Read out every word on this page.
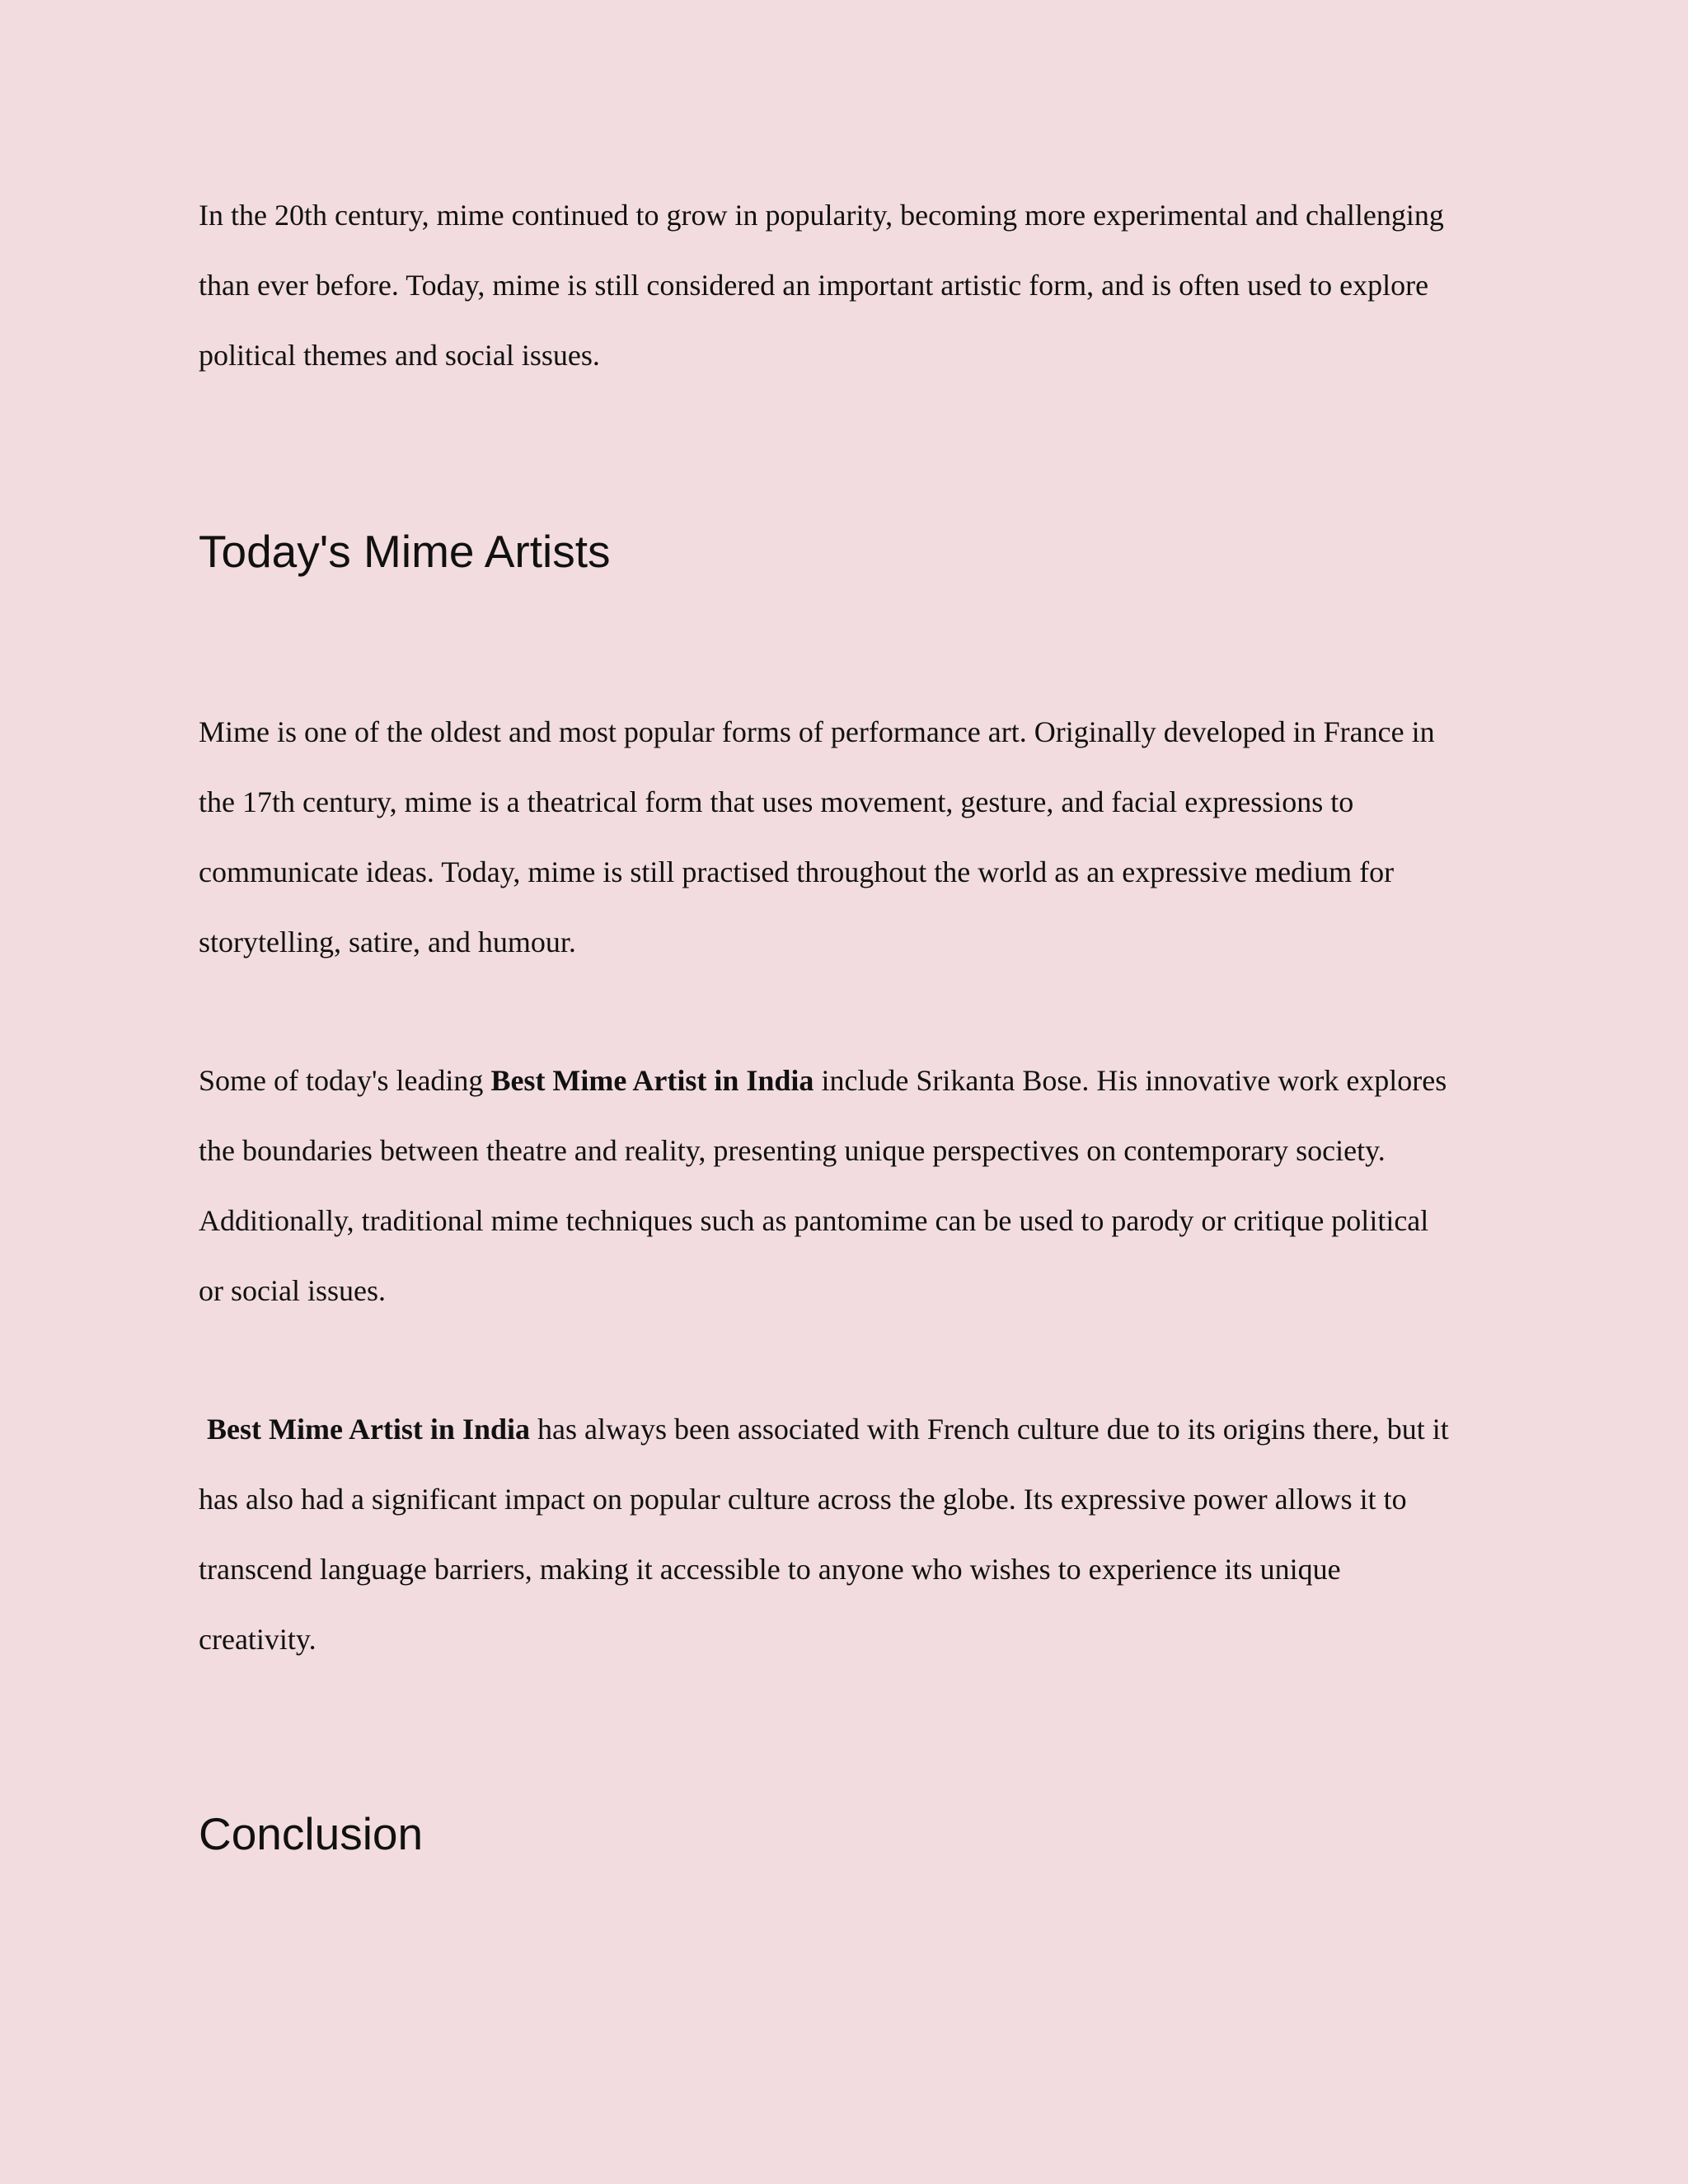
In the 20th century, mime continued to grow in popularity, becoming more experimental and challenging
than ever before. Today, mime is still considered an important artistic form, and is often used to explore
political themes and social issues.

Today's Mime Artists

Mime is one of the oldest and most popular forms of performance art. Originally developed in France in
the 17th century, mime is a theatrical form that uses movement, gesture, and facial expressions to
communicate ideas. Today, mime is still practised throughout the world as an expressive medium for
storytelling, satire, and humour.

Some of today's leading Best Mime Artist in India include Srikanta Bose. His innovative work explores
the boundaries between theatre and reality, presenting unique perspectives on contemporary society.
Additionally, traditional mime techniques such as pantomime can be used to parody or critique political
or social issues.

Best Mime Artist in India has always been associated with French culture due to its origins there, but it
has also had a significant impact on popular culture across the globe. Its expressive power allows it to
transcend language barriers, making it accessible to anyone who wishes to experience its unique
creativity.

Conclusion
